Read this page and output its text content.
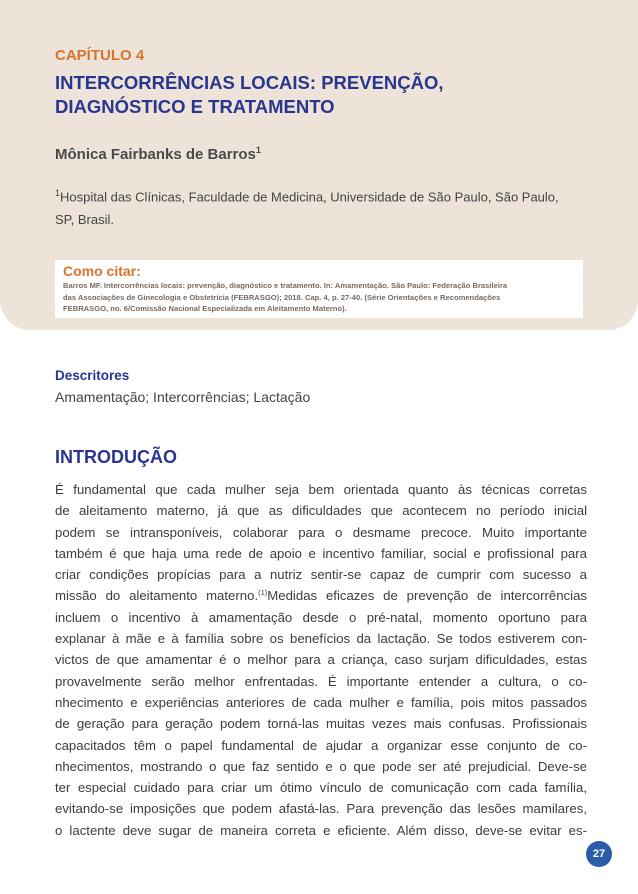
CAPÍTULO 4
INTERCORRÊNCIAS LOCAIS: PREVENÇÃO,
DIAGNÓSTICO E TRATAMENTO
Mônica Fairbanks de Barros$^1$
$^1$Hospital das Clínicas, Faculdade de Medicina, Universidade de São Paulo, São Paulo, SP, Brasil.
Como citar:
Barros MF. Intercorrências locais: prevenção, diagnóstico e tratamento. In: Amamentação. São Paulo: Federação Brasileira
das Associações de Ginecologia e Obstetrícia (FEBRASGO); 2018. Cap. 4, p. 27-40. (Série Orientações e Recomendações
FEBRASGO, no. 6/Comissão Nacional Especializada em Aleitamento Materno).
Descritores
Amamentação; Intercorrências; Lactação
INTRODUÇÃO
É fundamental que cada mulher seja bem orientada quanto às técnicas corretas
de aleitamento materno, já que as dificuldades que acontecem no período inicial
podem se intransponíveis, colaborar para o desmame precoce. Muito importante
também é que haja uma rede de apoio e incentivo familiar, social e profissional para
criar condições propícias para a nutriz sentir-se capaz de cumprir com sucesso a
missão do aleitamento materno.$^{(1)}$Medidas eficazes de prevenção de intercorrências
incluem o incentivo à amamentação desde o pré-natal, momento oportuno para
explanar à mãe e à família sobre os benefícios da lactação. Se todos estiverem con-
victos de que amamentar é o melhor para a criança, caso surjam dificuldades, estas
provavelmente serão melhor enfrentadas. É importante entender a cultura, o co-
nhecimento e experiências anteriores de cada mulher e família, pois mitos passados
de geração para geração podem torná-las muitas vezes mais confusas. Profissionais
capacitados têm o papel fundamental de ajudar a organizar esse conjunto de co-
nhecimentos, mostrando o que faz sentido e o que pode ser até prejudicial. Deve-se
ter especial cuidado para criar um ótimo vínculo de comunicação com cada família,
evitando-se imposições que podem afastá-las. Para prevenção das lesões mamilares,
o lactente deve sugar de maneira correta e eficiente. Além disso, deve-se evitar es-
27
